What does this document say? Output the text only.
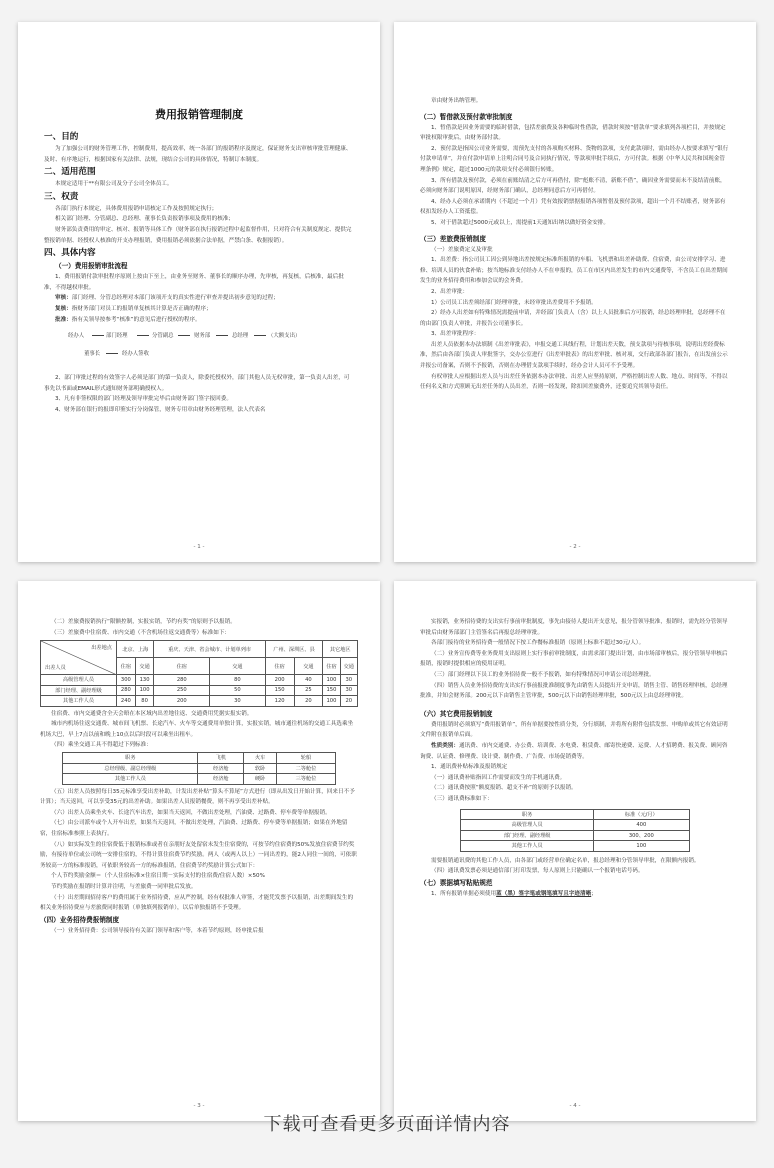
费用报销管理制度
一、目的
为了加强公司的财务管理工作，控制费用，提高效率，统一各部门的报销程序及规定，保证财务支出审核审批管理健康、及时、有序地运行，根据国家有关法律、法规，现结合公司的具体情况，特制订本制度。
二、适用范围
本规定适用于**有限公司及分子公司全体员工。
三、权责
各部门执行本规定，具体费用报销申请核定工作及按照规定执行；
相关部门经理、分管副总、总经理、董事长负责报销事项及费用的核准；
财务部负责费用的审定、核对、报销等具体工作（财务部在执行报销过程中起监督作用，只对符合有关制度规定、提供完整报销单据、经授权人核准的开支办理报销，费用报销必须依据合法单据，严禁白条、收据报销）。
四、具体内容
（一）费用报销审批流程
1、费用报销付款审批程序原则上按由下至上，由业务至财务、董事长的顺序办理，先审核，再复核，后核准，最后批准，不得越权审批。
审核：部门经理、分管总经理对本部门该项开支的真实性进行审查并提出初步意见的过程；
复核：指财务部门对员工的报销单复核其计算是否正确的程序；
批准：指有关领导按参考“核准”的意见后进行授权的程序。
经办人	部门经理	分管副总	财务部	总经理	（大额支出）
董事长	经办人签收
2、部门审批过程的有效签字人必须是部门的第一负责人，除委托授权外，部门其他人员无权审批，第一负责人出差，可事先以书面或EMAIL形式通知财务部明确授权人。
3、凡有非签权限的部门经理及领导审批完毕后由财务部门签字报回委。
4、财务部在银行的报即印鉴实行分岗保管，财务专用章由财务经理管理，法人代表名
- 1 -
章由财务出纳管理。
（二）暂借款及预付款审批制度
1、暂借款是因业务需要的临时借款，包括差旅费及各种临时性借款，借款时须按“借款单”要求填列各项栏目，并按规定审批权限审批后，由财务部付款。
2、预付款是指因公司业务需要，需预先支付的各项购买材料、货物的款项，支付此款项时，需由经办人按要求填写“银行付款申请单”，并在付款申请单上注明合同号及合同执行情况，等款项审批手续后，方可付款。根据《中华人民共和国现金管理条例》规定，超过1000元的款项支付必须银行转账。
3、所有借款及预付款，必须在前账结清之后方可再借付，除“彪账不清，新账不借”，确因业务需要而未不及结清前账，必须向财务部门说明原因，经财务部门确认，总经理同意后方可再借付。
4、经办人必须在承诺期内（不超过一个月）凭有效报销票据报销各项暂借及预付款项，超出一个月不结账者，财务部有权扣发经办人工资抵偿。
5、对于借款超过5000元或以上，需提前1天通知出纳以做好资金安排。
（三）差旅费报销制度
（一）差旅费定义及审批
1、出差费：指公司员工因公到异地出差按规定标准所报销的车船、飞机票和出差补助费、住宿费，由公司安排学习、进修、培训人员的伙食补贴；按当地标准支付经办人不在申报的，员工在市区内出差发生的市内交通费等，不含员工在出差期间发生的业务招待费用和参加会议的会务费。
2、出差审批：
1）公司员工出差须经部门经理审批，未经审批出差费用不予报销。
2）经办人出差如有特殊情况需提前申请，并经部门负责人（含）以上人员批准后方可报销，经总经理审批，总经理不在的由部门负责人审批，并报告公司董事长。
3、出差审批程序：
出差人员依据本办法填制《出差审批表》，申报交通工具线行程，计划出差天数，预支款项与待核事项，说明出差经费标准，然后由各部门负责人审批签字，交办公室进行《出差审批表》的出差审批、核对项，交行政部各部门报告，在出发前公示并报公司备案，否则不予报销，否则在办理借支款项手续时，经办会计人员可不予受理。
有权审批人应根据出差人员与出差任务依据本办法审批、出差人应坚持原则，严格控制出差人数、地点、时间等，不得以任何名义和方式照顾无出差任务的人员出差，否则一经发现，除扣回差旅费外，还要追究其领导责任。
- 2 -
（二）差旅费报销执行“限额控制，实报实销，节约有奖”的原则予以报销。
（三）差旅费中住宿费、市内交通（不含机场往返交通费等）标准如下：
出差地点
出差人员	北京、上海		重庆、天津、省会城市、计划单列市		广州、深圳区、县		其它地区	
	住宿	交通	住宿	交通	住宿	交通	住宿	交通
高级管理人员	300	130	280	80	200	40	100	30
部门经理、副经理级	280	100	250	50	150	25	150	30
其他工作人员	240	80	200	30	120	20	100	20
住宿费、市内交通费含全天会晤在本区域内出差地往返、交通费用凭据实报实销。
城市内机场往返交通费、城市间飞机票、长途汽车、火车等交通费用单独计算，实报实销，城市通往机场的交通工具选乘坐机场大巴，早上7点以前和晚上10点以后时段可以乘坐出租车。
（四）乘坐交通工具不得超过下列标准：
职务	飞机	火车	轮船
总经理级、副总经理级	经济舱	软卧	二等舱位
其他工作人员	经济舱	硬卧	三等舱位
（五）出差人员按照每日35元标准享受出差补助，计发出差补贴“算头不算尾”方式进行（即从出发日开始计算，回来日不予计算）；当天返回，可以享受35元的出差补助。如果出差人员报销餐费，则不再享受出差补贴。
（六）出差人员乘坐火车、长途汽车出差，如果当天返回，不做出差处理，汽油费、过路费、停车费等单据报销。
（七）由公司派车或个人开车出差，如果当天返回，不做出差处理，汽油费、过路费、停车费等单据报销；如果在外地留宿，住宿标准参照上表执行。
（八）如实际发生的住宿费低于报销标准或者在亲朋好友处留宿未发生住宿费的，可按节约住宿费的50%发放住宿费节约奖励，有接待单位或公司统一安排住宿的，不得计算住宿费节约奖励。两人（或两人以上）一同出差的，能2人同住一间的，可依职务较高一方的标准报销，可依职务较高一方的标准报销，住宿费节约奖励计算公式如下：
个人节约奖励金额＝（个人住宿标准×住宿日期－实际支付的住宿费/住宿人数）×50%
节约奖励在报销时计算并注明，与差旅费一同审批后发放。
（十）出差期间招待客户的费用属于业务招待费，应从严控制，经有权批准人审签，才能凭发票予以报销，出差期间发生的相关业务招待费应与差旅费同时报销（单独填列报销单），以后单独报销不予受理。
（四）业务招待费报销制度
（一）业务招待费：公司领导接待有关部门领导和客户等，本着节约原则，经申批后报
- 3 -
实报销，业务招待费的支出实行事前审批制度，事先由接待人提出开支意见，报分管领导批准，报销时，需先经分管领导审批后由财务部部门主管签名后再报总经理审批。
各部门接待的业务招待费一般情况下按工作餐标准报销（原则上标准不超过30元/人）。
（二）业务宣传费等业务费用支出原则上实行事前审批制度，由需求部门提出计划，由市场部审核后，报分管领导审核后报销，报销时提供相应的使用证明。
（三）部门经理以下员工的业务招待费一般不予报销，如有特殊情况可申请公司总经理批。
（四）销售人员业务招待费的支出实行事前报批准制度事先由销售人员提出开支申请，销售主管、销售经理审核，总经理批准，并知会财务部。200元以下由销售主管审批，500元以下由销售经理审批，500元以上由总经理审批。
（六）其它费用报销制度
费用报销时必须填写“费用报销单”，所有单据要按性质分类，分行填制，并将所有附件包括发票、申购单或其它有效证明文件附在报销单后面。
性质类别：通讯费、市内交通费、办公费、培训费、水电费、租赁费、邮寄快递费、运费、人才招聘费、报关费、顾问咨询费、认证费、修理费、设计费、制作费、广告费、市场促销费等。
1、通讯费补贴标准及报销规定
（一）通讯费补贴指因工作需要而发生的手机通讯费。
（二）通讯费按照“额度报销、超支不补”的原则予以报销。
（三）通讯费标准如下：
职务	标准（元/月）
高级管理人员	400
部门经理、副经理级	300、200
其他工作人员	100
需要报销通讯费的其他工作人员，由各部门或经营单位确定名单，报总经理和分管领导审批，在限额内报销。
（四）通讯费发票必须是通信部门打印发票，每人原则上只能确认一个报销电话号码。
（七）票据填写粘贴规范
1、所有报销单据必须使用蓝（黑）签字笔或钢笔填写且字迹清晰；
- 4 -
下载可查看更多页面详情内容
